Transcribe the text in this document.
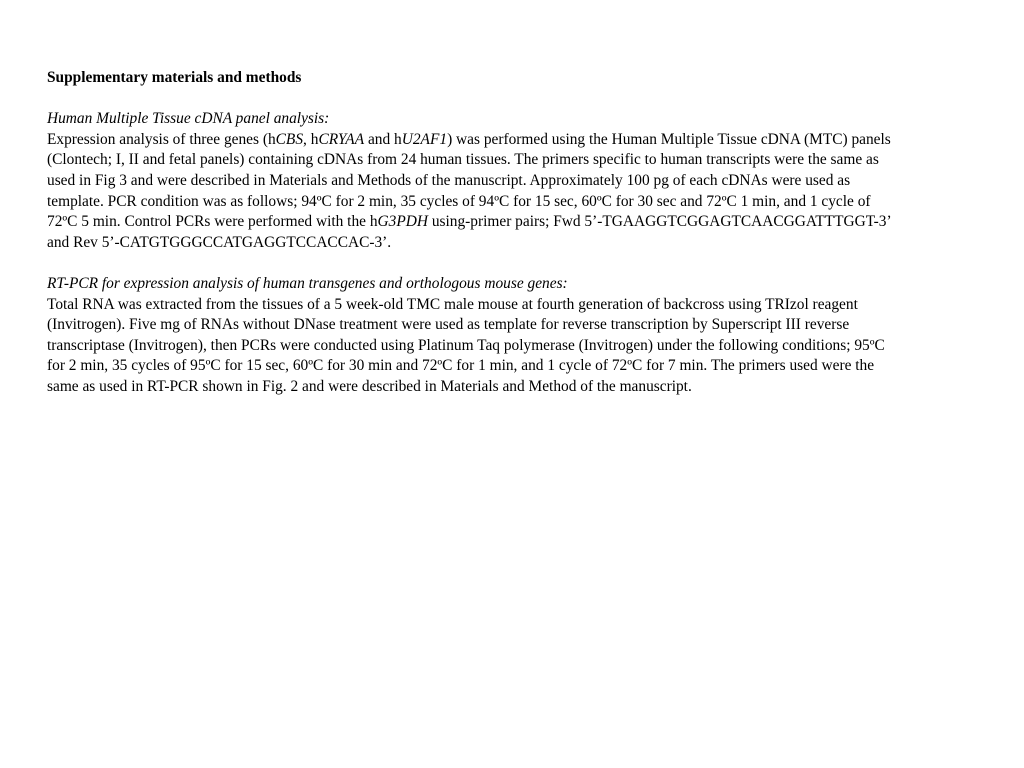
Supplementary materials and methods

Human Multiple Tissue cDNA panel analysis:

Expression analysis of three genes (hCBS, hCRYAA and hU2AF1) was performed using the Human Multiple Tissue cDNA (MTC) panels
(Clontech; I, II and fetal panels) containing cDNAs from 24 human tissues. The primers specific to human transcripts were the same as
used in Fig 3 and were described in Materials and Methods of the manuscript. Approximately 100 pg of each cDNAs were used as
template. PCR condition was as follows; 94ºC for 2 min, 35 cycles of 94ºC for 15 sec, 60ºC for 30 sec and 72ºC 1 min, and 1 cycle of
72ºC 5 min. Control PCRs were performed with the hG3PDH using-primer pairs; Fwd 5’-TGAAGGTCGGAGTCAACGGATTTGGT-3’
and Rev 5’-CATGTGGGCCATGAGGTCCACCAC-3’.

RT-PCR for expression analysis of human transgenes and orthologous mouse genes:

Total RNA was extracted from the tissues of a 5 week-old TMC male mouse at fourth generation of backcross using TRIzol reagent
(Invitrogen). Five mg of RNAs without DNase treatment were used as template for reverse transcription by Superscript III reverse
transcriptase (Invitrogen), then PCRs were conducted using Platinum Taq polymerase (Invitrogen) under the following conditions; 95ºC
for 2 min, 35 cycles of 95ºC for 15 sec, 60ºC for 30 min and 72ºC for 1 min, and 1 cycle of 72ºC for 7 min. The primers used were the
same as used in RT-PCR shown in Fig. 2 and were described in Materials and Method of the manuscript.
